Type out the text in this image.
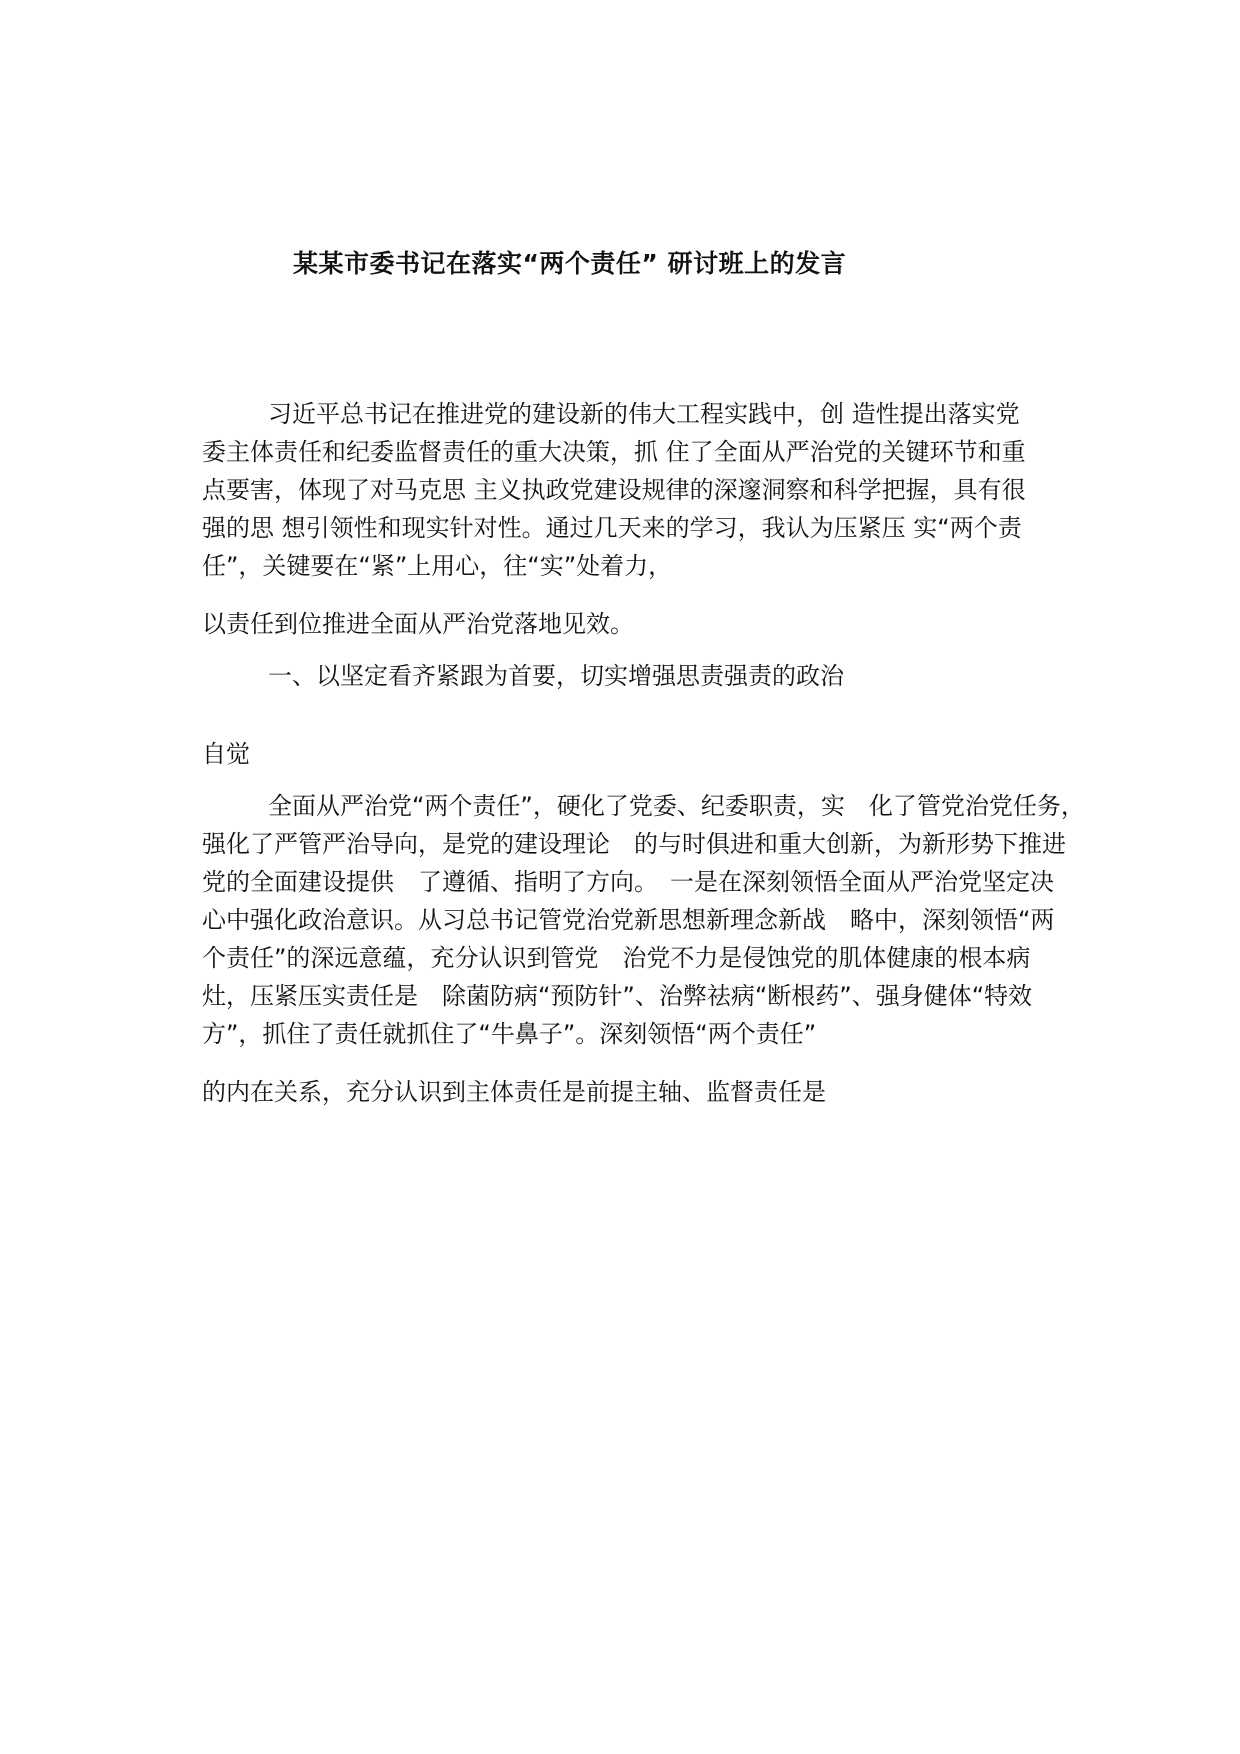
某某市委书记在落实“两个责任” 研讨班上的发言

习近平总书记在推进党的建设新的伟大工程实践中，创 造性提出落实党

委主体责任和纪委监督责任的重大决策，抓 住了全面从严治党的关键环节和重

点要害，体现了对马克思 主义执政党建设规律的深邃洞察和科学把握，具有很

强的思 想引领性和现实针对性。通过几天来的学习，我认为压紧压 实“两个责

任”，关键要在“紧”上用心，往“实”处着力，

以责任到位推进全面从严治党落地见效。

一、以坚定看齐紧跟为首要，切实增强思责强责的政治

自觉

全面从严治党“两个责任”，硬化了党委、纪委职责，实　化了管党治党任务，

强化了严管严治导向，是党的建设理论　的与时俱进和重大创新，为新形势下推进

党的全面建设提供　了遵循、指明了方向。　一是在深刻领悟全面从严治党坚定决

心中强化政治意识。从习总书记管党治党新思想新理念新战　略中，深刻领悟“两

个责任”的深远意蕴，充分认识到管党　治党不力是侵蚀党的肌体健康的根本病

灶，压紧压实责任是　除菌防病“预防针”、治弊祛病“断根药”、强身健体“特效

方”，抓住了责任就抓住了“牛鼻子”。深刻领悟“两个责任”

的内在关系，充分认识到主体责任是前提主轴、监督责任是
